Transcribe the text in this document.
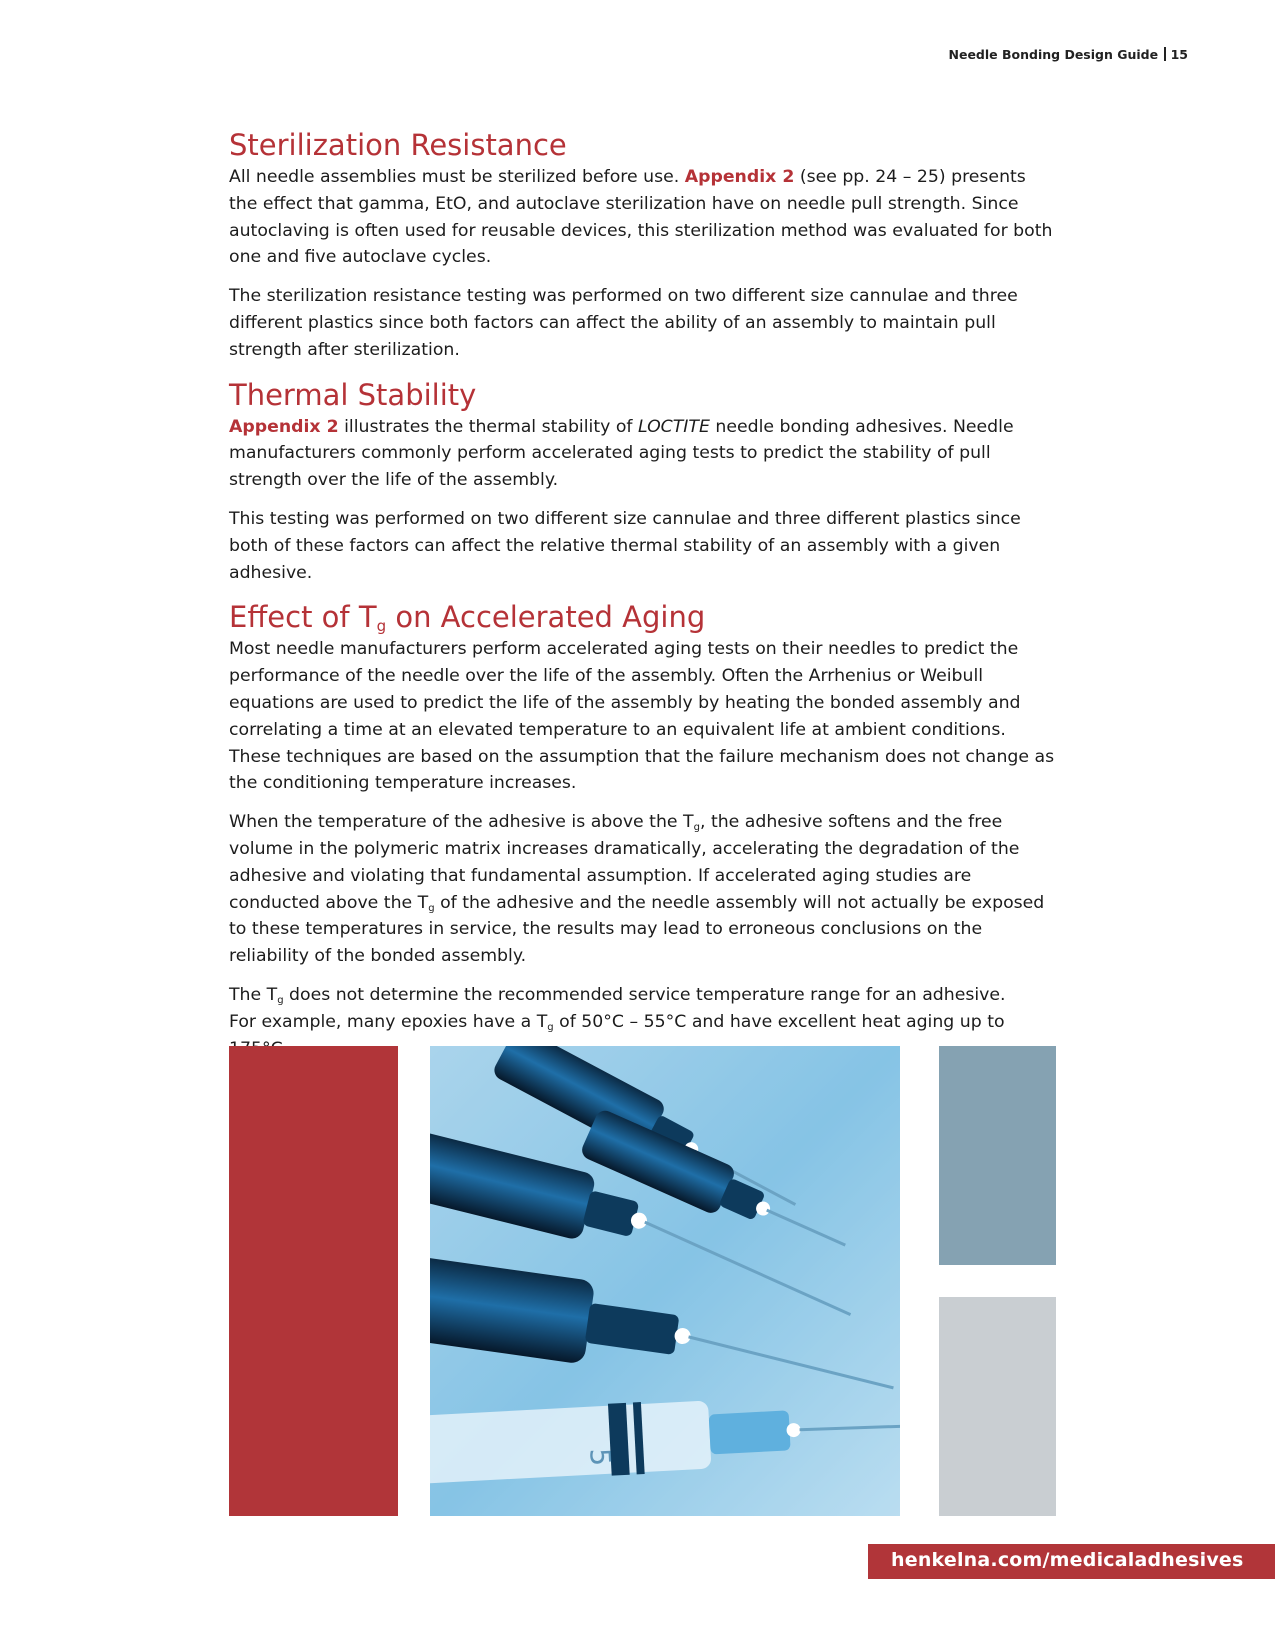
Needle Bonding Design Guide 15
Sterilization Resistance

All needle assemblies must be sterilized before use. Appendix 2 (see pp. 24 – 25) presents the effect that gamma, EtO, and autoclave sterilization have on needle pull strength. Since autoclaving is often used for reusable devices, this sterilization method was evaluated for both one and five autoclave cycles.

The sterilization resistance testing was performed on two different size cannulae and three different plastics since both factors can affect the ability of an assembly to maintain pull strength after sterilization.

Thermal Stability

Appendix 2 illustrates the thermal stability of LOCTITE needle bonding adhesives. Needle manufacturers commonly perform accelerated aging tests to predict the stability of pull strength over the life of the assembly.

This testing was performed on two different size cannulae and three different plastics since both of these factors can affect the relative thermal stability of an assembly with a given adhesive.

Effect of $T_g$ on Accelerated Aging

Most needle manufacturers perform accelerated aging tests on their needles to predict the performance of the needle over the life of the assembly. Often the Arrhenius or Weibull equations are used to predict the life of the assembly by heating the bonded assembly and correlating a time at an elevated temperature to an equivalent life at ambient conditions. These techniques are based on the assumption that the failure mechanism does not change as the conditioning temperature increases.

When the temperature of the adhesive is above the $T_g$, the adhesive softens and the free volume in the polymeric matrix increases dramatically, accelerating the degradation of the adhesive and violating that fundamental assumption. If accelerated aging studies are conducted above the $T_g$ of the adhesive and the needle assembly will not actually be exposed to these temperatures in service, the results may lead to erroneous conclusions on the reliability of the bonded assembly.

The $T_g$ does not determine the recommended service temperature range for an adhesive.
For example, many epoxies have a $T_g$ of 50°C – 55°C and have excellent heat aging up to

5
henkelna.com/medicaladhesives
